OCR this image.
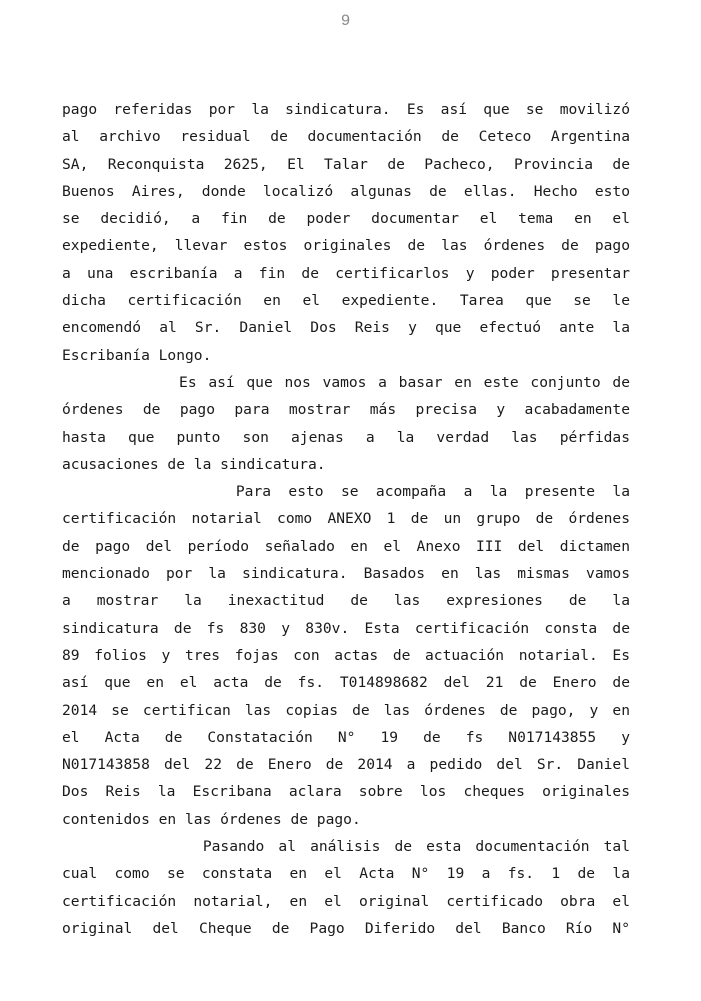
9
pago referidas por la sindicatura. Es así que se movilizó
al archivo residual de documentación de Ceteco Argentina
SA, Reconquista 2625, El Talar de Pacheco, Provincia de
Buenos Aires, donde localizó algunas de ellas. Hecho esto
se decidió, a fin de poder documentar el tema en el
expediente, llevar estos originales de las órdenes de pago
a una escribanía a fin de certificarlos y poder presentar
dicha certificación en el expediente. Tarea que se le
encomendó al Sr. Daniel Dos Reis y que efectuó ante la
Escribanía Longo.
Es así que nos vamos a basar en este conjunto de
órdenes de pago para mostrar más precisa y acabadamente
hasta que punto son ajenas a la verdad las pérfidas
acusaciones de la sindicatura.
Para esto se acompaña a la presente la
certificación notarial como ANEXO 1 de un grupo de órdenes
de pago del período señalado en el Anexo III del dictamen
mencionado por la sindicatura. Basados en las mismas vamos
a mostrar la inexactitud de las expresiones de la
sindicatura de fs 830 y 830v. Esta certificación consta de
89 folios y tres fojas con actas de actuación notarial. Es
así que en el acta de fs. T014898682 del 21 de Enero de
2014 se certifican las copias de las órdenes de pago, y en
el Acta de Constatación N° 19 de fs N017143855 y
N017143858 del 22 de Enero de 2014 a pedido del Sr. Daniel
Dos Reis la Escribana aclara sobre los cheques originales
contenidos en las órdenes de pago.
Pasando al análisis de esta documentación tal
cual como se constata en el Acta N° 19 a fs. 1 de la
certificación notarial, en el original certificado obra el
original del Cheque de Pago Diferido del Banco Río N°
